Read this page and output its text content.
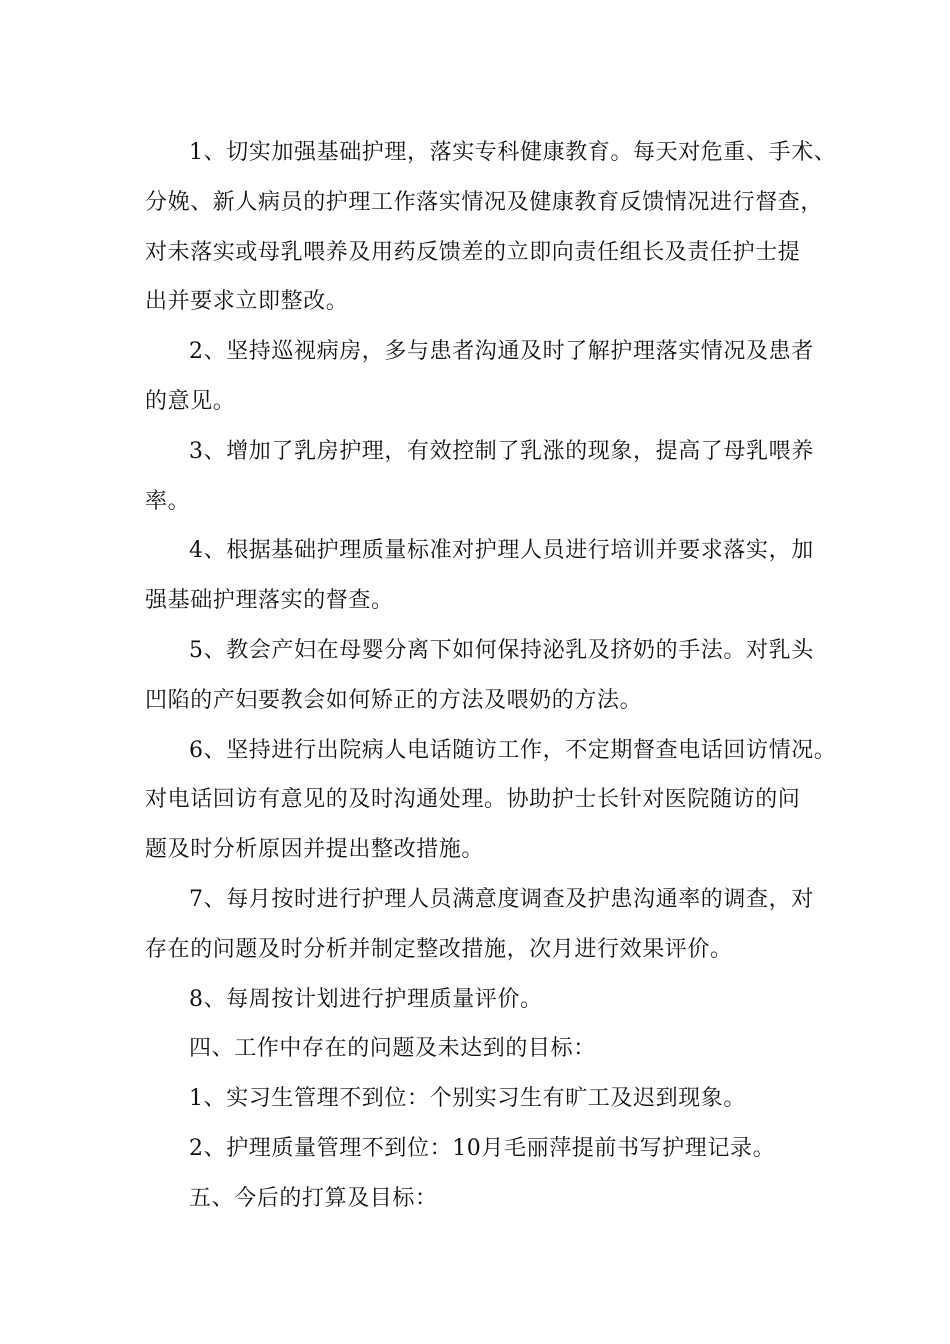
1、切实加强基础护理，落实专科健康教育。每天对危重、手术、
分娩、新人病员的护理工作落实情况及健康教育反馈情况进行督查，
对未落实或母乳喂养及用药反馈差的立即向责任组长及责任护士提
出并要求立即整改。

2、坚持巡视病房，多与患者沟通及时了解护理落实情况及患者
的意见。

3、增加了乳房护理，有效控制了乳涨的现象，提高了母乳喂养
率。

4、根据基础护理质量标准对护理人员进行培训并要求落实，加
强基础护理落实的督查。

5、教会产妇在母婴分离下如何保持泌乳及挤奶的手法。对乳头
凹陷的产妇要教会如何矫正的方法及喂奶的方法。

6、坚持进行出院病人电话随访工作，不定期督查电话回访情况。
对电话回访有意见的及时沟通处理。协助护士长针对医院随访的问
题及时分析原因并提出整改措施。

7、每月按时进行护理人员满意度调查及护患沟通率的调查，对
存在的问题及时分析并制定整改措施，次月进行效果评价。

8、每周按计划进行护理质量评价。

四、工作中存在的问题及未达到的目标：

1、实习生管理不到位：个别实习生有旷工及迟到现象。

2、护理质量管理不到位：10月毛丽萍提前书写护理记录。

五、今后的打算及目标：
